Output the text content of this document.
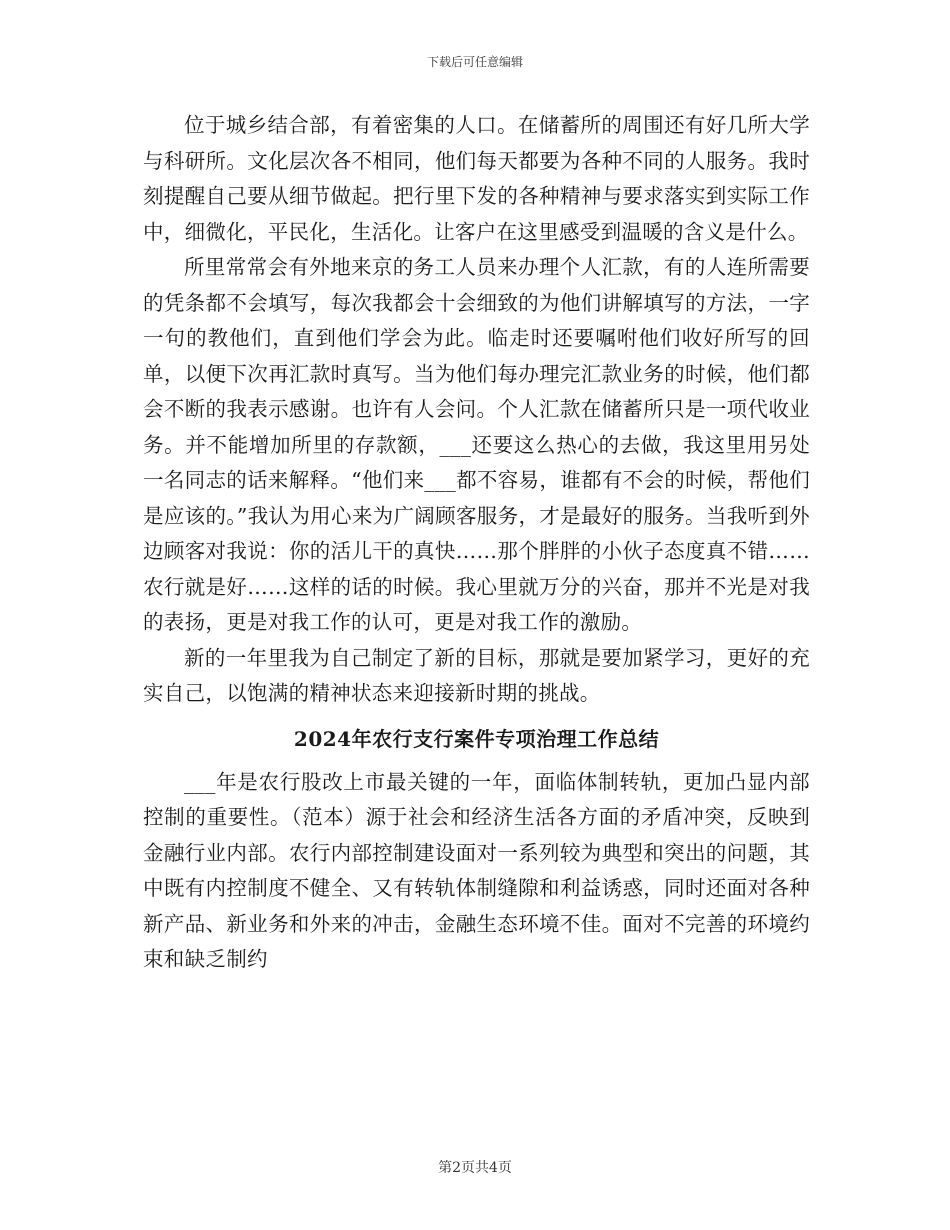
下载后可任意编辑

位于城乡结合部，有着密集的人口。在储蓄所的周围还有好几所大学与科研所。文化层次各不相同，他们每天都要为各种不同的人服务。我时刻提醒自己要从细节做起。把行里下发的各种精神与要求落实到实际工作中，细微化，平民化，生活化。让客户在这里感受到温暖的含义是什么。

所里常常会有外地来京的务工人员来办理个人汇款，有的人连所需要的凭条都不会填写，每次我都会十会细致的为他们讲解填写的方法，一字一句的教他们，直到他们学会为此。临走时还要嘱咐他们收好所写的回单，以便下次再汇款时真写。当为他们每办理完汇款业务的时候，他们都会不断的我表示感谢。也许有人会问。个人汇款在储蓄所只是一项代收业务。并不能增加所里的存款额，___还要这么热心的去做，我这里用另处一名同志的话来解释。“他们来___都不容易，谁都有不会的时候，帮他们是应该的。”我认为用心来为广阔顾客服务，才是最好的服务。当我听到外边顾客对我说：你的活儿干的真快……那个胖胖的小伙子态度真不错……农行就是好……这样的话的时候。我心里就万分的兴奋，那并不光是对我的表扬，更是对我工作的认可，更是对我工作的激励。

新的一年里我为自己制定了新的目标，那就是要加紧学习，更好的充实自己，以饱满的精神状态来迎接新时期的挑战。

2024年农行支行案件专项治理工作总结

___年是农行股改上市最关键的一年，面临体制转轨，更加凸显内部控制的重要性。（范本）源于社会和经济生活各方面的矛盾冲突，反映到金融行业内部。农行内部控制建设面对一系列较为典型和突出的问题，其中既有内控制度不健全、又有转轨体制缝隙和利益诱惑，同时还面对各种新产品、新业务和外来的冲击，金融生态环境不佳。面对不完善的环境约束和缺乏制约

第2页共4页
